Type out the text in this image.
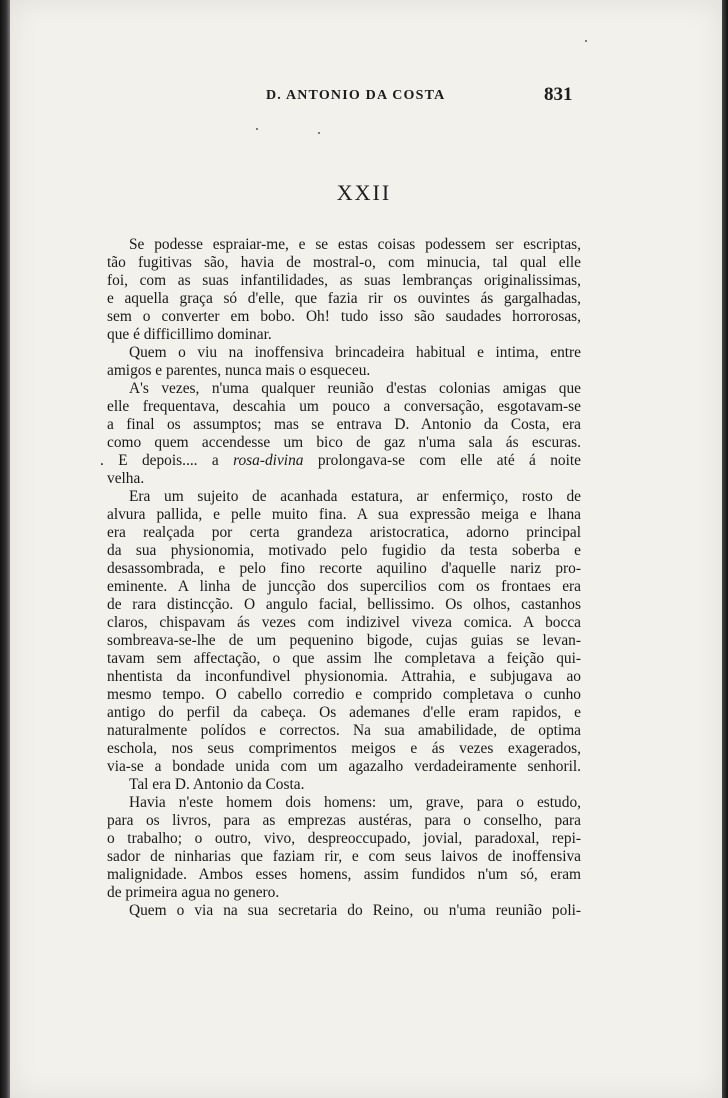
D. ANTONIO DA COSTA	831
XXII
Se podesse espraiar-me, e se estas coisas podessem ser escriptas,
tão fugitivas são, havia de mostral-o, com minucia, tal qual elle
foi, com as suas infantilidades, as suas lembranças originalissimas,
e aquella graça só d'elle, que fazia rir os ouvintes ás gargalhadas,
sem o converter em bobo. Oh! tudo isso são saudades horrorosas,
que é difficillimo dominar.
Quem o viu na inoffensiva brincadeira habitual e intima, entre
amigos e parentes, nunca mais o esqueceu.
A's vezes, n'uma qualquer reunião d'estas colonias amigas que
elle frequentava, descahia um pouco a conversação, esgotavam-se
a final os assumptos; mas se entrava D. Antonio da Costa, era
como quem accendesse um bico de gaz n'uma sala ás escuras.
. E depois.... a rosa-divina prolongava-se com elle até á noite
velha.
Era um sujeito de acanhada estatura, ar enfermiço, rosto de
alvura pallida, e pelle muito fina. A sua expressão meiga e lhana
era realçada por certa grandeza aristocratica, adorno principal
da sua physionomia, motivado pelo fugidio da testa soberba e
desassombrada, e pelo fino recorte aquilino d'aquelle nariz pro-
eminente. A linha de juncção dos supercilios com os frontaes era
de rara distincção. O angulo facial, bellissimo. Os olhos, castanhos
claros, chispavam ás vezes com indizivel viveza comica. A bocca
sombreava-se-lhe de um pequenino bigode, cujas guias se levan-
tavam sem affectação, o que assim lhe completava a feição qui-
nhentista da inconfundivel physionomia. Attrahia, e subjugava ao
mesmo tempo. O cabello corredio e comprido completava o cunho
antigo do perfil da cabeça. Os ademanes d'elle eram rapidos, e
naturalmente polídos e correctos. Na sua amabilidade, de optima
eschola, nos seus comprimentos meigos e ás vezes exagerados,
via-se a bondade unida com um agazalho verdadeiramente senhoril.
Tal era D. Antonio da Costa.
Havia n'este homem dois homens: um, grave, para o estudo,
para os livros, para as emprezas austéras, para o conselho, para
o trabalho; o outro, vivo, despreoccupado, jovial, paradoxal, repi-
sador de ninharias que faziam rir, e com seus laivos de inoffensiva
malignidade. Ambos esses homens, assim fundidos n'um só, eram
de primeira agua no genero.
Quem o via na sua secretaria do Reino, ou n'uma reunião poli-
